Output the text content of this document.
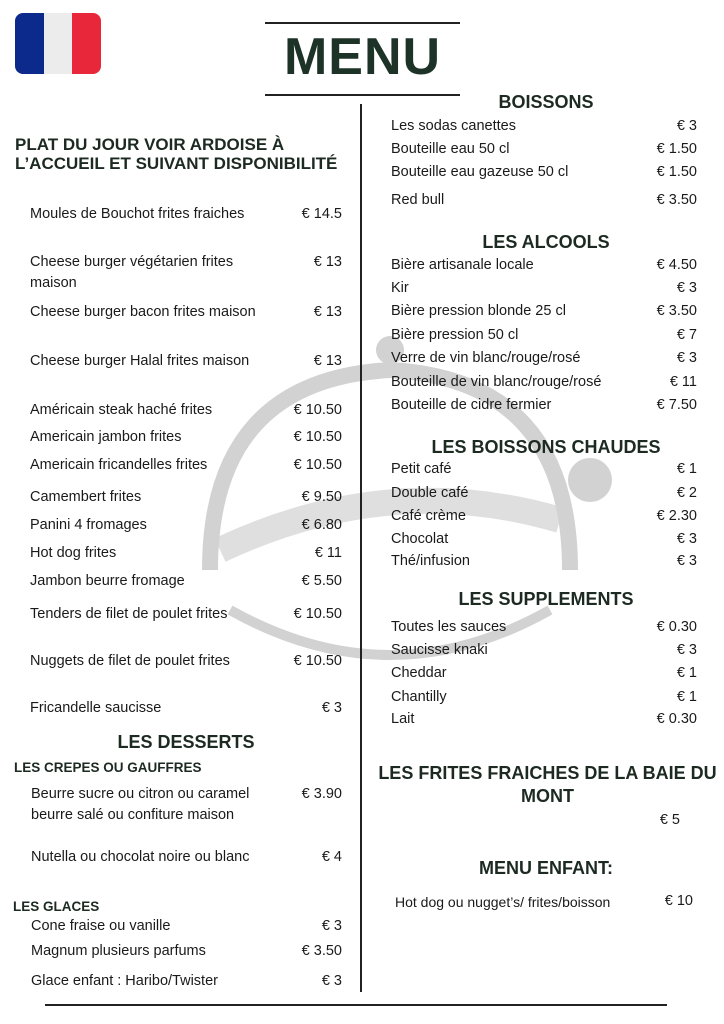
MENU
PLAT DU JOUR VOIR ARDOISE À L’ACCUEIL ET SUIVANT DISPONIBILITÉ
LES DESSERTS
LES CREPES OU GAUFFRES
LES GLACES
BOISSONS
LES ALCOOLS
LES BOISSONS CHAUDES
LES SUPPLEMENTS
LES FRITES FRAICHES DE LA BAIE DU MONT
€ 5
MENU ENFANT:
Hot dog ou nugget’s/ frites/boisson	€ 10
Moules de Bouchot frites fraiches	€ 14.5
Cheese burger végétarien frites maison
€ 13
Cheese burger bacon frites maison	€ 13
Cheese burger Halal frites maison	€ 13
Américain steak haché frites	€ 10.50
Americain jambon frites	€ 10.50
Americain fricandelles frites	€ 10.50
Camembert frites	€ 9.50
Panini 4 fromages	€ 6.80
Hot dog frites	€ 11
Jambon beurre fromage	€ 5.50
Tenders de filet de poulet frites	€ 10.50
Nuggets de filet de poulet frites	€ 10.50
Fricandelle saucisse	€ 3
Beurre sucre ou citron ou caramel beurre salé ou confiture maison
€ 3.90
Nutella ou chocolat noire ou blanc	€ 4
Cone fraise ou vanille	€ 3
Magnum plusieurs parfums	€ 3.50
Glace enfant : Haribo/Twister	€ 3
Les sodas canettes	€ 3
Bouteille eau 50 cl	€ 1.50
Bouteille eau gazeuse 50 cl	€ 1.50
Red bull	€ 3.50
Bière artisanale locale	€ 4.50
Kir	€ 3
Bière pression blonde 25 cl	€ 3.50
Bière pression 50 cl	€ 7
Verre de vin blanc/rouge/rosé	€ 3
Bouteille de vin blanc/rouge/rosé	€ 11
Bouteille de cidre fermier	€ 7.50
Petit café	€ 1
Double café	€ 2
Café crème	€ 2.30
Chocolat	€ 3
Thé/infusion	€ 3
Toutes les sauces	€ 0.30
Saucisse knaki	€ 3
Cheddar	€ 1
Chantilly	€ 1
Lait	€ 0.30
